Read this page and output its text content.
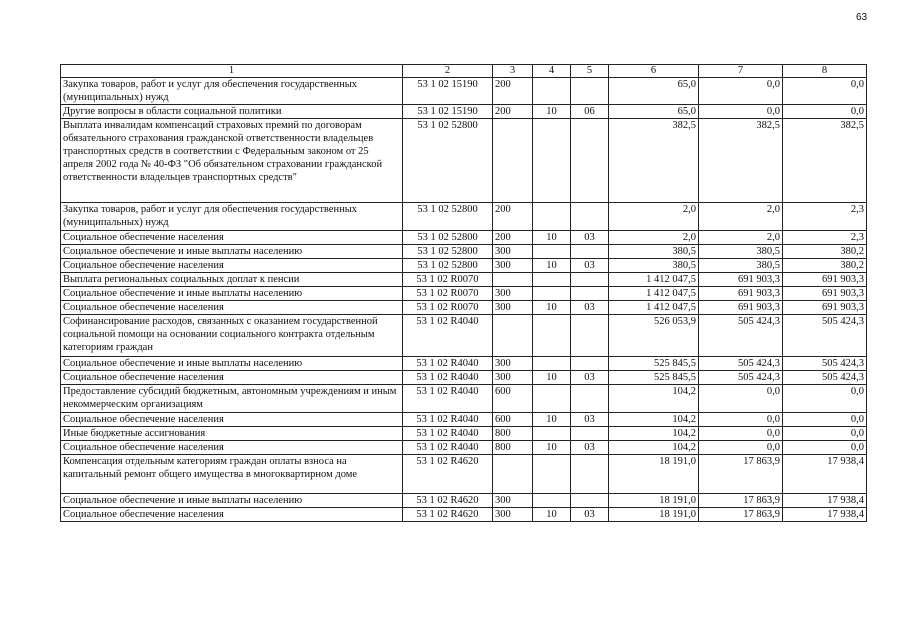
63
1	2	3	4	5	6	7	8
Закупка товаров, работ и услуг для обеспечения государственных (муниципальных) нужд	53 1 02 15190	200			65,0	0,0	0,0
Другие вопросы в области социальной политики	53 1 02 15190	200	10	06	65,0	0,0	0,0
Выплата инвалидам компенсаций страховых премий по договорам обязательного страхования гражданской ответственности владельцев транспортных средств в соответствии с Федеральным законом от 25 апреля 2002 года № 40-ФЗ "Об обязательном страховании гражданской ответственности владельцев транспортных средств"	53 1 02 52800				382,5	382,5	382,5
Закупка товаров, работ и услуг для обеспечения государственных (муниципальных) нужд	53 1 02 52800	200			2,0	2,0	2,3
Социальное обеспечение населения	53 1 02 52800	200	10	03	2,0	2,0	2,3
Социальное обеспечение и иные выплаты населению	53 1 02 52800	300			380,5	380,5	380,2
Социальное обеспечение населения	53 1 02 52800	300	10	03	380,5	380,5	380,2
Выплата региональных социальных доплат к пенсии	53 1 02 R0070				1 412 047,5	691 903,3	691 903,3
Социальное обеспечение и иные выплаты населению	53 1 02 R0070	300			1 412 047,5	691 903,3	691 903,3
Социальное обеспечение населения	53 1 02 R0070	300	10	03	1 412 047,5	691 903,3	691 903,3
Софинансирование расходов, связанных с оказанием государственной социальной помощи на основании социального контракта отдельным категориям граждан	53 1 02 R4040				526 053,9	505 424,3	505 424,3
Социальное обеспечение и иные выплаты населению	53 1 02 R4040	300			525 845,5	505 424,3	505 424,3
Социальное обеспечение населения	53 1 02 R4040	300	10	03	525 845,5	505 424,3	505 424,3
Предоставление субсидий бюджетным, автономным учреждениям и иным некоммерческим организациям	53 1 02 R4040	600			104,2	0,0	0,0
Социальное обеспечение населения	53 1 02 R4040	600	10	03	104,2	0,0	0,0
Иные бюджетные ассигнования	53 1 02 R4040	800			104,2	0,0	0,0
Социальное обеспечение населения	53 1 02 R4040	800	10	03	104,2	0,0	0,0
Компенсация отдельным категориям граждан оплаты взноса на капитальный ремонт общего имущества в многоквартирном доме	53 1 02 R4620				18 191,0	17 863,9	17 938,4
Социальное обеспечение и иные выплаты населению	53 1 02 R4620	300			18 191,0	17 863,9	17 938,4
Социальное обеспечение населения	53 1 02 R4620	300	10	03	18 191,0	17 863,9	17 938,4
